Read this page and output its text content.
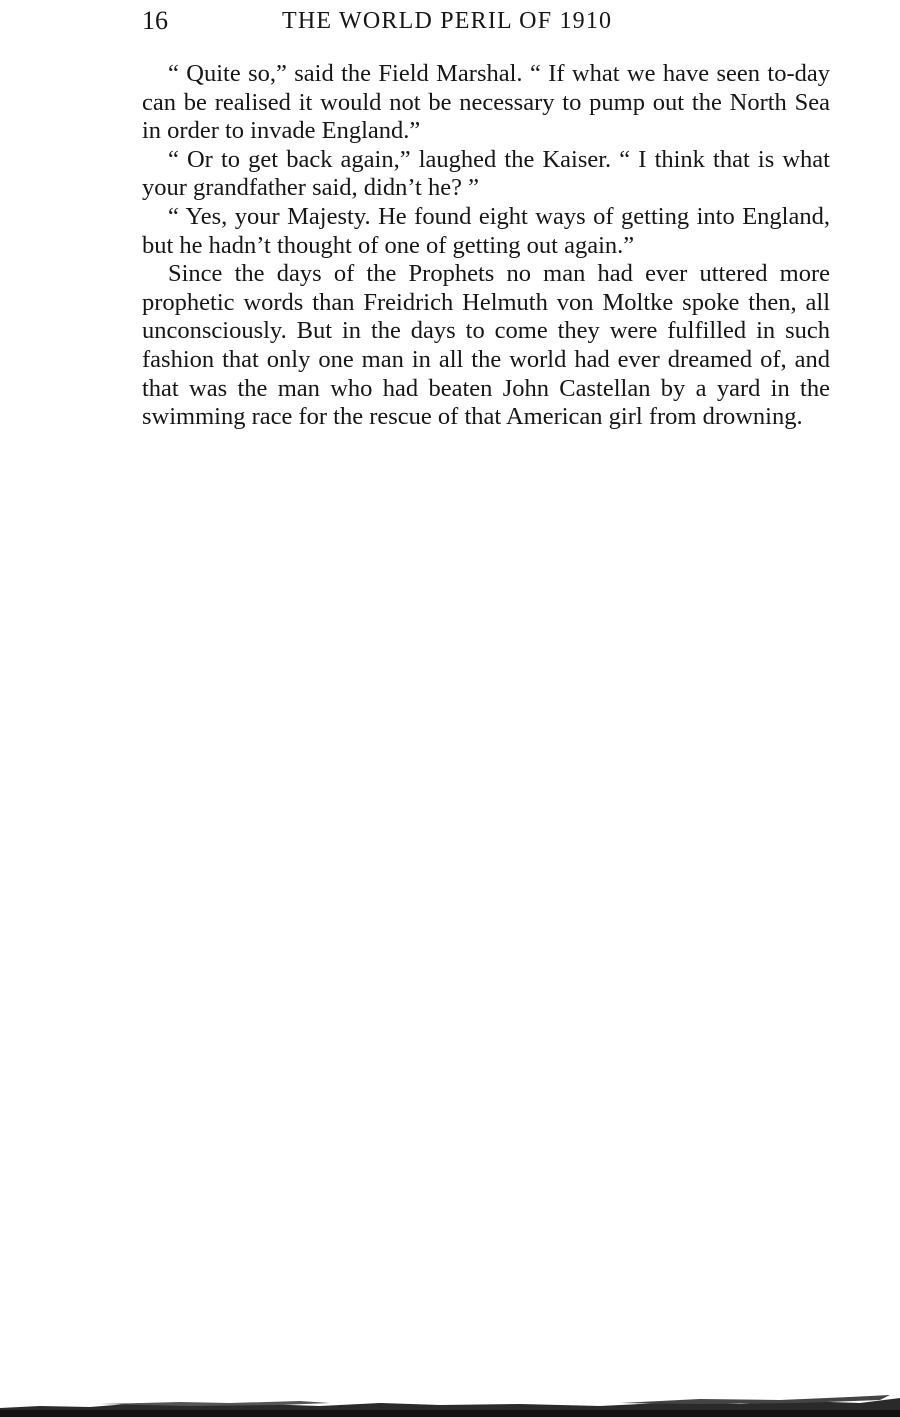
16	THE WORLD PERIL OF 1910

“ Quite so,” said the Field Marshal. “ If what we have seen to-day can be realised it would not be necessary to pump out the North Sea in order to invade England.”

“ Or to get back again,” laughed the Kaiser. “ I think that is what your grandfather said, didn’t he? ”

“ Yes, your Majesty. He found eight ways of getting into England, but he hadn’t thought of one of getting out again.”

Since the days of the Prophets no man had ever uttered more prophetic words than Freidrich Helmuth von Moltke spoke then, all unconsciously. But in the days to come they were fulfilled in such fashion that only one man in all the world had ever dreamed of, and that was the man who had beaten John Castellan by a yard in the swimming race for the rescue of that American girl from drowning.
